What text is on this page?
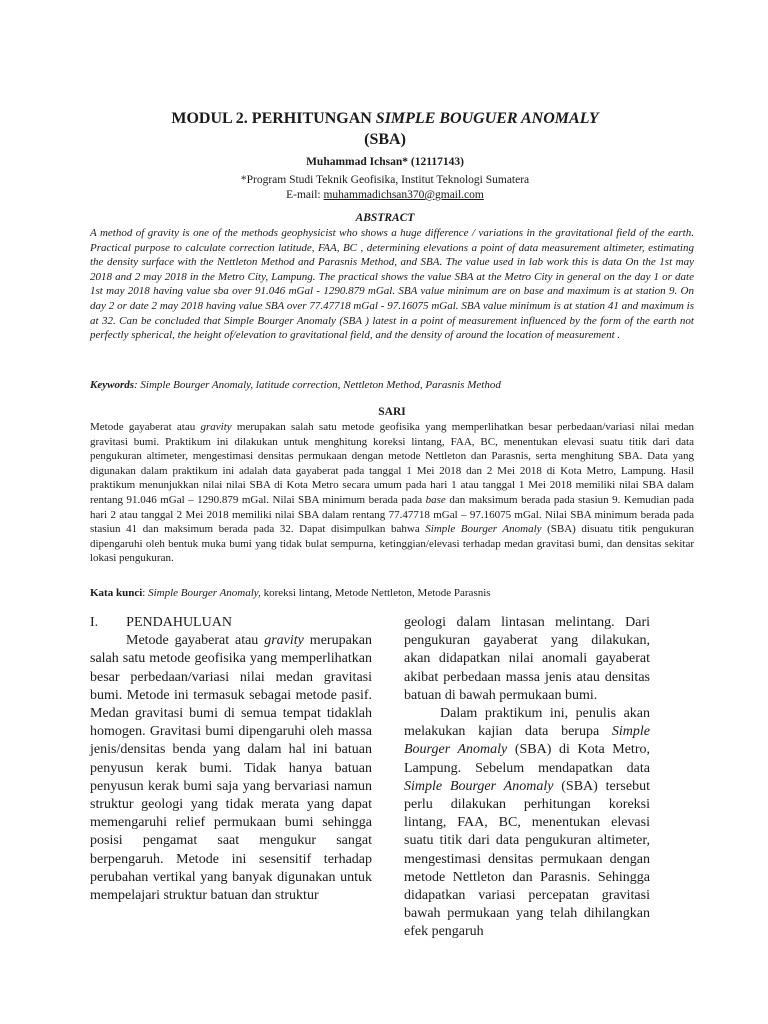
MODUL 2. PERHITUNGAN SIMPLE BOUGUER ANOMALY
(SBA)
Muhammad Ichsan* (12117143)
*Program Studi Teknik Geofisika, Institut Teknologi Sumatera
E-mail: muhammadichsan370@gmail.com
ABSTRACT
A method of gravity is one of the methods geophysicist who shows a huge difference / variations in the gravitational field of the earth. Practical purpose to calculate correction latitude, FAA, BC , determining elevations a point of data measurement altimeter, estimating the density surface with the Nettleton Method and Parasnis Method, and SBA. The value used in lab work this is data On the 1st may 2018 and 2 may 2018 in the Metro City, Lampung. The practical shows the value SBA at the Metro City in general on the day 1 or date 1st may 2018 having value sba over 91.046 mGal - 1290.879 mGal. SBA value minimum are on base and maximum is at station 9. On day 2 or date 2 may 2018 having value SBA over 77.47718 mGal - 97.16075 mGal. SBA value minimum is at station 41 and maximum is at 32. Can be concluded that Simple Bourger Anomaly (SBA ) latest in a point of measurement influenced by the form of the earth not perfectly spherical, the height of/elevation to gravitational field, and the density of around the location of measurement .
Keywords: Simple Bourger Anomaly, latitude correction, Nettleton Method, Parasnis Method
SARI
Metode gayaberat atau gravity merupakan salah satu metode geofisika yang memperlihatkan besar perbedaan/variasi nilai medan gravitasi bumi. Praktikum ini dilakukan untuk menghitung koreksi lintang, FAA, BC, menentukan elevasi suatu titik dari data pengukuran altimeter, mengestimasi densitas permukaan dengan metode Nettleton dan Parasnis, serta menghitung SBA. Data yang digunakan dalam praktikum ini adalah data gayaberat pada tanggal 1 Mei 2018 dan 2 Mei 2018 di Kota Metro, Lampung. Hasil praktikum menunjukkan nilai nilai SBA di Kota Metro secara umum pada hari 1 atau tanggal 1 Mei 2018 memiliki nilai SBA dalam rentang 91.046 mGal – 1290.879 mGal. Nilai SBA minimum berada pada base dan maksimum berada pada stasiun 9. Kemudian pada hari 2 atau tanggal 2 Mei 2018 memiliki nilai SBA dalam rentang 77.47718 mGal – 97.16075 mGal. Nilai SBA minimum berada pada stasiun 41 dan maksimum berada pada 32. Dapat disimpulkan bahwa Simple Bourger Anomaly (SBA) disuatu titik pengukuran dipengaruhi oleh bentuk muka bumi yang tidak bulat sempurna, ketinggian/elevasi terhadap medan gravitasi bumi, dan densitas sekitar lokasi pengukuran.
Kata kunci: Simple Bourger Anomaly, koreksi lintang, Metode Nettleton, Metode Parasnis
I. PENDAHULUAN

Metode gayaberat atau gravity merupakan salah satu metode geofisika yang memperlihatkan besar perbedaan/variasi nilai medan gravitasi bumi. Metode ini termasuk sebagai metode pasif. Medan gravitasi bumi di semua tempat tidaklah homogen. Gravitasi bumi dipengaruhi oleh massa jenis/densitas benda yang dalam hal ini batuan penyusun kerak bumi. Tidak hanya batuan penyusun kerak bumi saja yang bervariasi namun struktur geologi yang tidak merata yang dapat memengaruhi relief permukaan bumi sehingga posisi pengamat saat mengukur sangat berpengaruh. Metode ini sesensitif terhadap perubahan vertikal yang banyak digunakan untuk mempelajari struktur batuan dan struktur

geologi dalam lintasan melintang. Dari pengukuran gayaberat yang dilakukan, akan didapatkan nilai anomali gayaberat akibat perbedaan massa jenis atau densitas batuan di bawah permukaan bumi.

Dalam praktikum ini, penulis akan melakukan kajian data berupa Simple Bourger Anomaly (SBA) di Kota Metro, Lampung. Sebelum mendapatkan data Simple Bourger Anomaly (SBA) tersebut perlu dilakukan perhitungan koreksi lintang, FAA, BC, menentukan elevasi suatu titik dari data pengukuran altimeter, mengestimasi densitas permukaan dengan metode Nettleton dan Parasnis. Sehingga didapatkan variasi percepatan gravitasi bawah permukaan yang telah dihilangkan efek pengaruh
